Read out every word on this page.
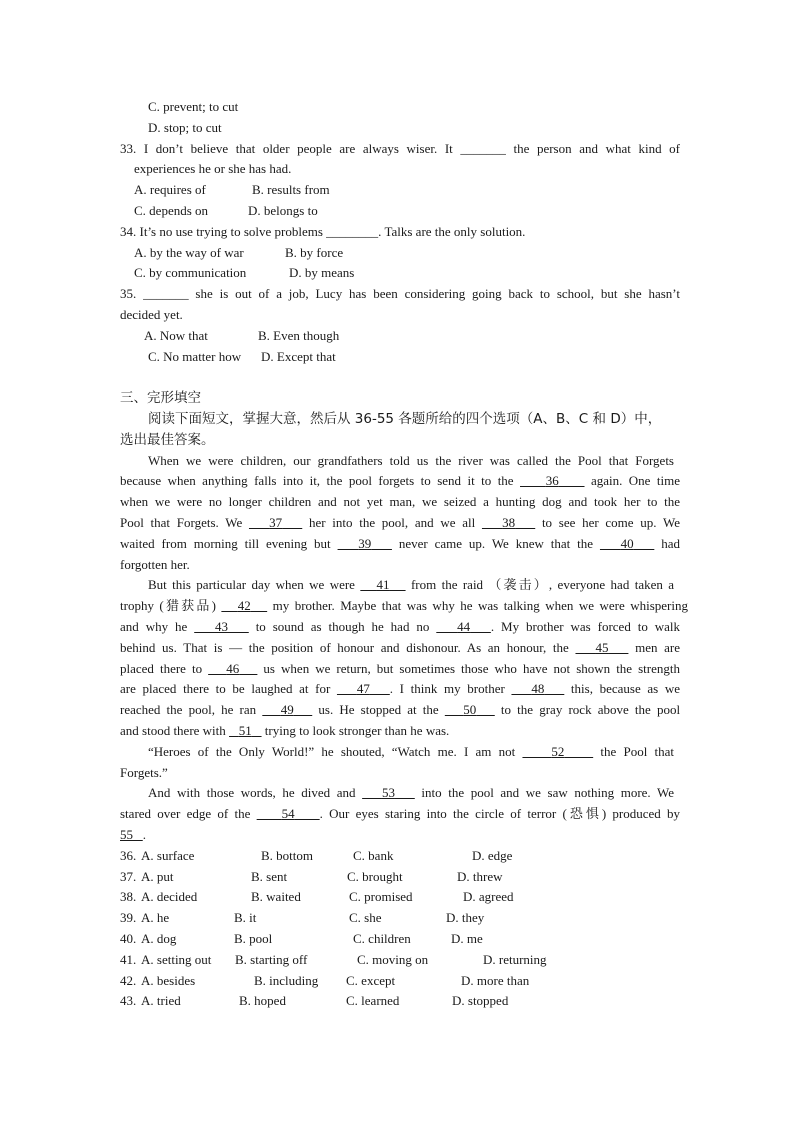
C. prevent; to cut
D. stop; to cut
33. I don’t believe that older people are always wiser. It _______ the person and what kind of
experiences he or she has had.
A. requires of	B. results from
C. depends on	D. belongs to
34. It’s no use trying to solve problems ________. Talks are the only solution.
A. by the way of war	B. by force
C. by communication	D. by means
35. _______ she is out of a job, Lucy has been considering going back to school, but she hasn’t
decided yet.
A. Now that	B. Even though
C. No matter how D. Except that
三、完形填空
阅读下面短文，掌握大意，然后从 36-55 各题所给的四个选项（A、B、C 和 D）中，
选出最佳答案。
When we were children, our grandfathers told us the river was called the Pool that Forgets
because when anything falls into it, the pool forgets to send it to the     36     again. One time
when we were no longer children and not yet man, we seized a hunting dog and took her to the
Pool that Forgets. We    37    her into the pool, and we all    38    to see her come up. We
waited from morning till evening but    39    never came up. We knew that the    40    had
forgotten her.
But this particular day when we were    41    from the raid （袭击）, everyone had taken a
trophy (猎获品)    42    my brother. Maybe that was why he was talking when we were whispering
and why he    43    to sound as though he had no    44 . My brother was forced to walk
behind us. That is — the position of honour and dishonour. As an honour, the    45    men are
placed there to    46    us when we return, but sometimes those who have not shown the strength
are placed there to be laughed at for    47 . I think my brother    48    this, because as we
reached the pool, he ran    49    us. He stopped at the    50    to the gray rock above the pool
and stood there with    51    trying to look stronger than he was.
“Heroes of the Only World!” he shouted, “Watch me. I am not     52     the Pool that
Forgets.”
And with those words, he dived and    53    into the pool and we saw nothing more. We
stared over edge of the     54 . Our eyes staring into the circle of terror (恐惧) produced by
55 .
36. A. surface	B. bottom	C. bank	D. edge
37. A. put	B. sent	C. brought	D. threw
38. A. decided	B. waited	C. promised	D. agreed
39. A. he	B. it	C. she	D. they
40. A. dog	B. pool	C. children	D. me
41. A. setting out B. starting off	C. moving on	D. returning
42. A. besides	B. including C. except	D. more than
43. A. tried	B. hoped	C. learned	D. stopped
